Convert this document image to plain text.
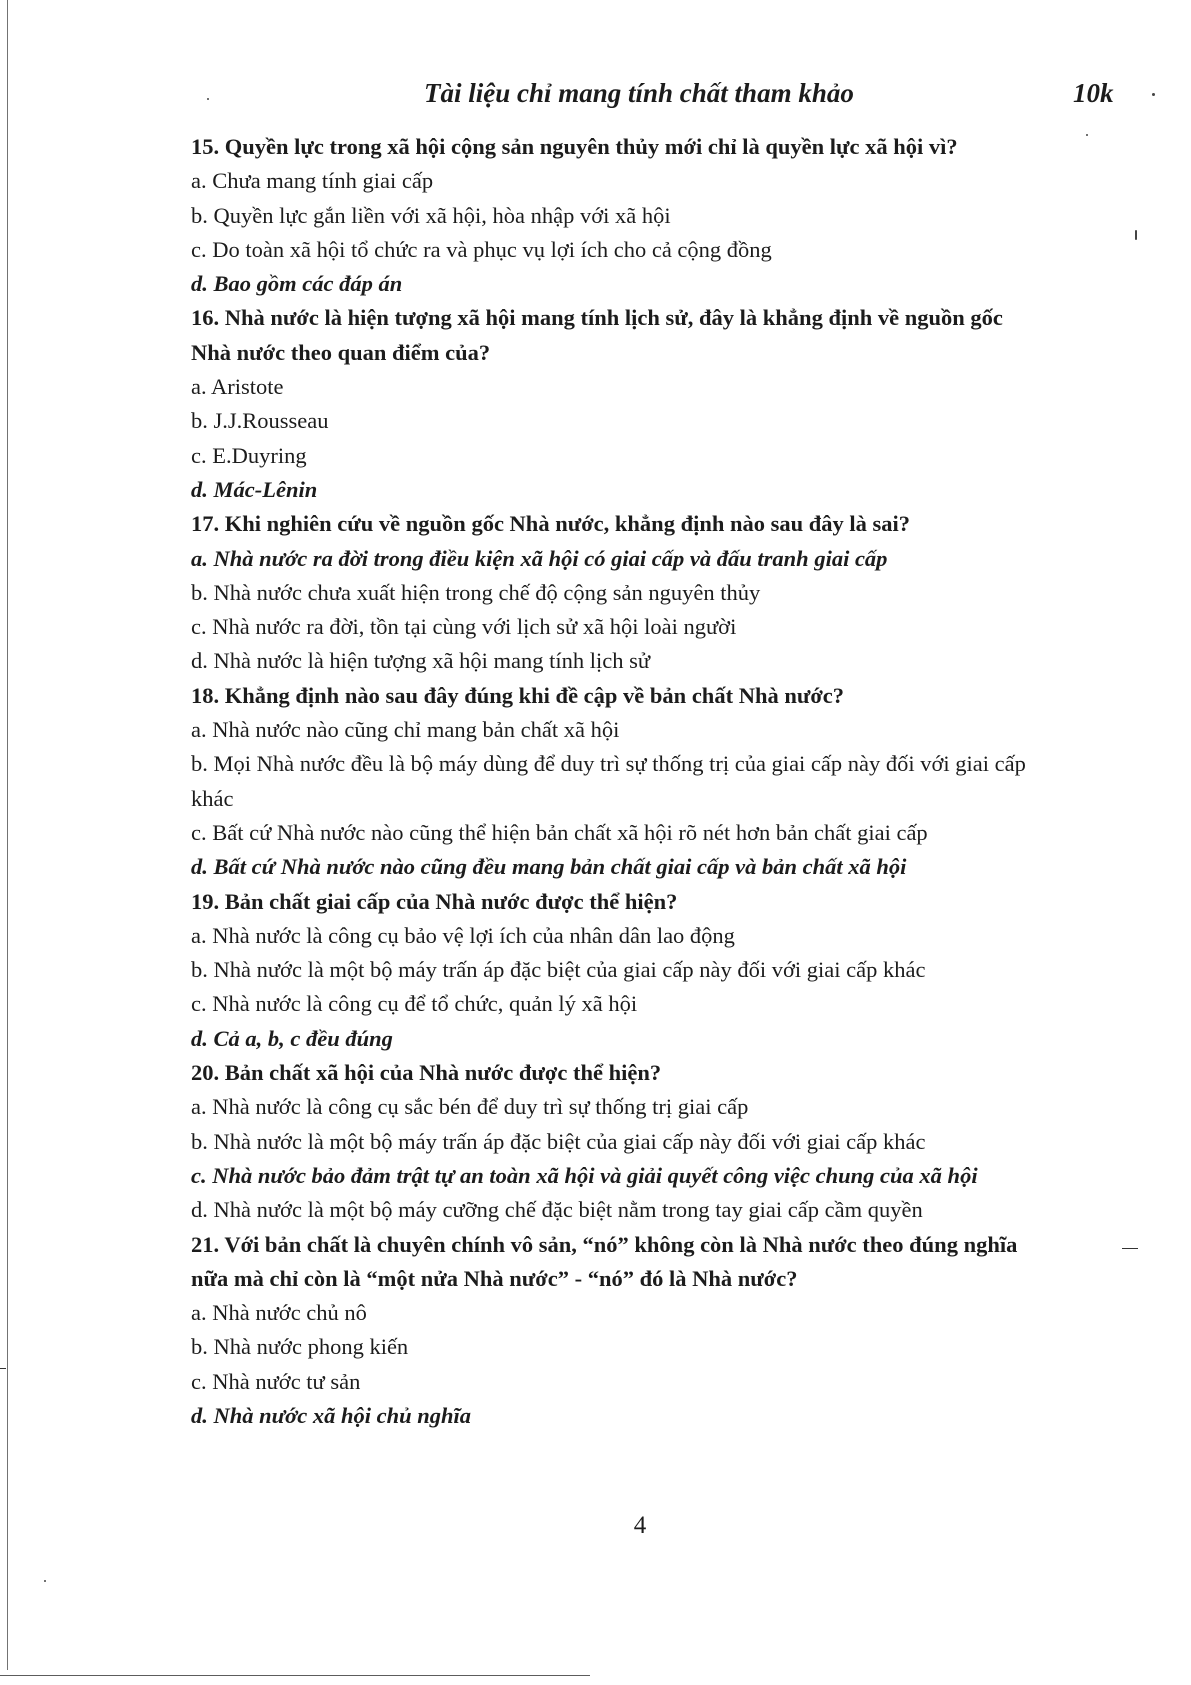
Tài liệu chỉ mang tính chất tham khảo	10k
15. Quyền lực trong xã hội cộng sản nguyên thủy mới chỉ là quyền lực xã hội vì?
a. Chưa mang tính giai cấp
b. Quyền lực gắn liền với xã hội, hòa nhập với xã hội
c. Do toàn xã hội tổ chức ra và phục vụ lợi ích cho cả cộng đồng
d. Bao gồm các đáp án
16. Nhà nước là hiện tượng xã hội mang tính lịch sử, đây là khẳng định về nguồn gốc
Nhà nước theo quan điểm của?
a. Aristote
b. J.J.Rousseau
c. E.Duyring
d. Mác-Lênin
17. Khi nghiên cứu về nguồn gốc Nhà nước, khẳng định nào sau đây là sai?
a. Nhà nước ra đời trong điều kiện xã hội có giai cấp và đấu tranh giai cấp
b. Nhà nước chưa xuất hiện trong chế độ cộng sản nguyên thủy
c. Nhà nước ra đời, tồn tại cùng với lịch sử xã hội loài người
d. Nhà nước là hiện tượng xã hội mang tính lịch sử
18. Khẳng định nào sau đây đúng khi đề cập về bản chất Nhà nước?
a. Nhà nước nào cũng chỉ mang bản chất xã hội
b. Mọi Nhà nước đều là bộ máy dùng để duy trì sự thống trị của giai cấp này đối với giai cấp
khác
c. Bất cứ Nhà nước nào cũng thể hiện bản chất xã hội rõ nét hơn bản chất giai cấp
d. Bất cứ Nhà nước nào cũng đều mang bản chất giai cấp và bản chất xã hội
19. Bản chất giai cấp của Nhà nước được thể hiện?
a. Nhà nước là công cụ bảo vệ lợi ích của nhân dân lao động
b. Nhà nước là một bộ máy trấn áp đặc biệt của giai cấp này đối với giai cấp khác
c. Nhà nước là công cụ để tổ chức, quản lý xã hội
d. Cả a, b, c đều đúng
20. Bản chất xã hội của Nhà nước được thể hiện?
a. Nhà nước là công cụ sắc bén để duy trì sự thống trị giai cấp
b. Nhà nước là một bộ máy trấn áp đặc biệt của giai cấp này đối với giai cấp khác
c. Nhà nước bảo đảm trật tự an toàn xã hội và giải quyết công việc chung của xã hội
d. Nhà nước là một bộ máy cưỡng chế đặc biệt nằm trong tay giai cấp cầm quyền
21. Với bản chất là chuyên chính vô sản, “nó” không còn là Nhà nước theo đúng nghĩa
nữa mà chỉ còn là “một nửa Nhà nước” - “nó” đó là Nhà nước?
a. Nhà nước chủ nô
b. Nhà nước phong kiến
c. Nhà nước tư sản
d. Nhà nước xã hội chủ nghĩa
4
